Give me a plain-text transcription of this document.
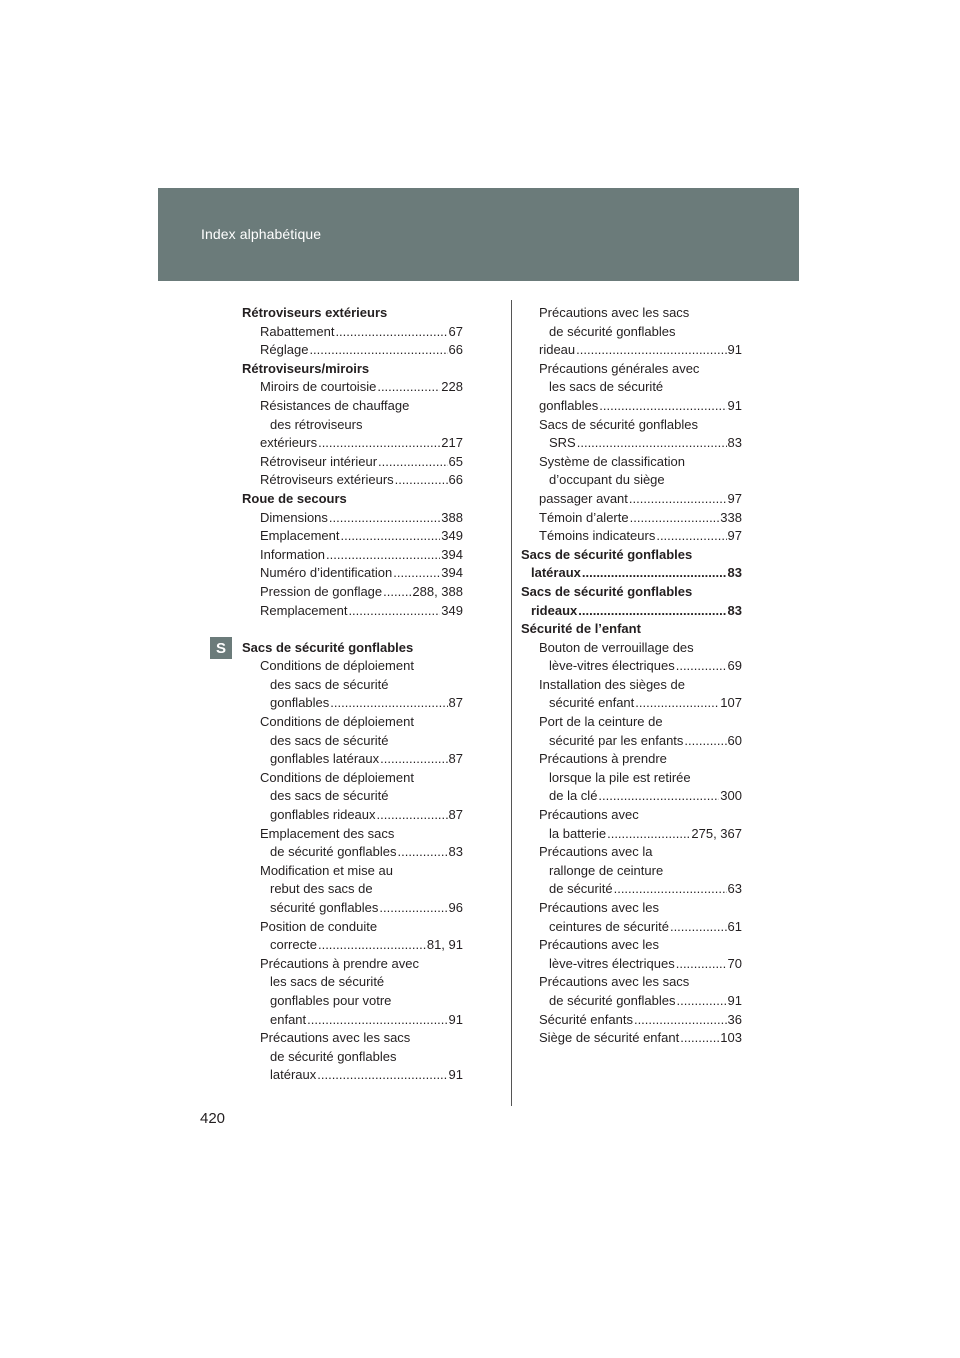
Index alphabétique
S
Rétroviseurs extérieurs
Rabattement .....	67
Réglage .....	66
Rétroviseurs/miroirs
Miroirs de courtoisie .....	228
Résistances de chauffage
des rétroviseurs
extérieurs .....	217
Rétroviseur intérieur .....	65
Rétroviseurs extérieurs .....	66
Roue de secours
Dimensions .....	388
Emplacement .....	349
Information .....	394
Numéro d’identification .....	394
Pression de gonflage ..... 288, 388
Remplacement .....	349
Sacs de sécurité gonflables
Conditions de déploiement
des sacs de sécurité
gonflables .....	87
Conditions de déploiement
des sacs de sécurité
gonflables latéraux .....	87
Conditions de déploiement
des sacs de sécurité
gonflables rideaux .....	87
Emplacement des sacs
de sécurité gonflables .....	83
Modification et mise au
rebut des sacs de
sécurité gonflables .....	96
Position de conduite
correcte .....	81, 91
Précautions à prendre avec
les sacs de sécurité
gonflables pour votre
enfant .....	91
Précautions avec les sacs
de sécurité gonflables
latéraux .....	91
Précautions avec les sacs
de sécurité gonflables
rideau .....	91
Précautions générales avec
les sacs de sécurité
gonflables .....	91
Sacs de sécurité gonflables
SRS .....	83
Système de classification
d’occupant du siège
passager avant .....	97
Témoin d’alerte .....	338
Témoins indicateurs .....	97
Sacs de sécurité gonflables
latéraux .....	83
Sacs de sécurité gonflables
rideaux .....	83
Sécurité de l’enfant
Bouton de verrouillage des
lève-vitres électriques .....	69
Installation des sièges de
sécurité enfant .....	107
Port de la ceinture de
sécurité par les enfants .....	60
Précautions à prendre
lorsque la pile est retirée
de la clé .....	300
Précautions avec
la batterie .....	275, 367
Précautions avec la
rallonge de ceinture
de sécurité .....	63
Précautions avec les
ceintures de sécurité .....	61
Précautions avec les
lève-vitres électriques .....	70
Précautions avec les sacs
de sécurité gonflables .....	91
Sécurité enfants .....	36
Siège de sécurité enfant .....	103
420
